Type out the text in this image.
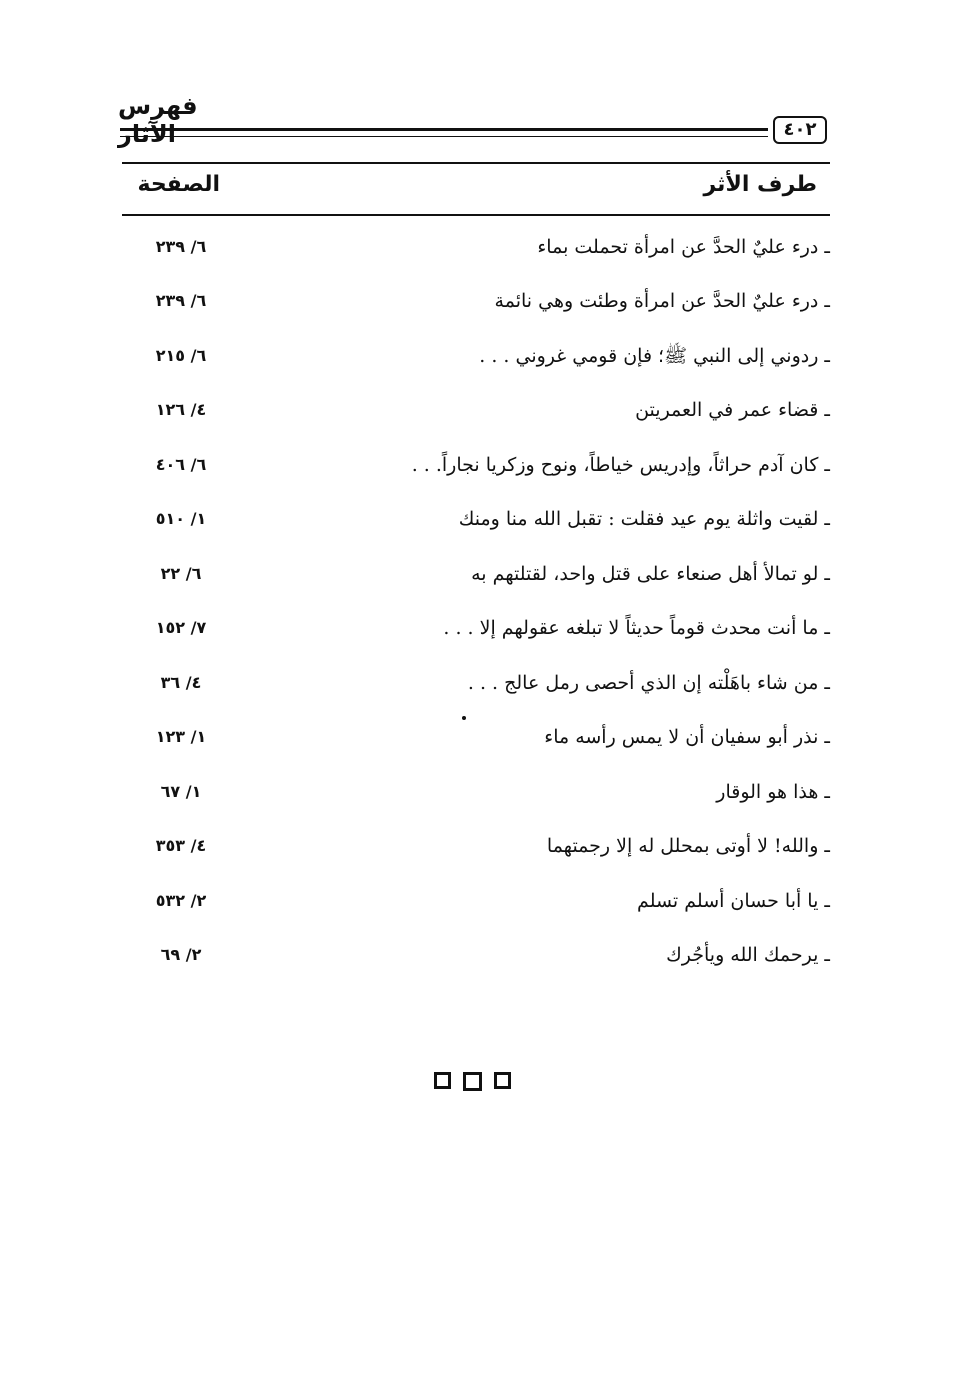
فهرس الآثار	٤٠٢
طرف الأثر
الصفحة
ـ درء عليٌ الحدَّ عن امرأة تحملت بماء
٦/ ٢٣٩
ـ درء عليٌ الحدَّ عن امرأة وطئت وهي نائمة
٦/ ٢٣٩
ـ ردوني إلى النبي ﷺ؛ فإن قومي غروني . . .
٦/ ٢١٥
ـ قضاء عمر في العمريتن
٤/ ١٢٦
ـ كان آدم حراثاً، وإدريس خياطاً، ونوح وزكريا نجاراً. . .
٦/ ٤٠٦
ـ لقيت واثلة يوم عيد فقلت : تقبل الله منا ومنك
١/ ٥١٠
ـ لو تمالأ أهل صنعاء على قتل واحد، لقتلتهم به
٦/ ٢٢
ـ ما أنت محدث قوماً حديثاً لا تبلغه عقولهم إلا . . .
٧/ ١٥٢
ـ من شاء باهَلْته إن الذي أحصى رمل عالج . . .
٤/ ٣٦
ـ نذر أبو سفيان أن لا يمس رأسه ماء
١/ ١٢٣
ـ هذا هو الوقار
١/ ٦٧
ـ والله! لا أوتى بمحلل له إلا رجمتهما
٤/ ٣٥٣
ـ يا أبا حسان أسلم تسلم
٢/ ٥٣٢
ـ يرحمك الله ويأجُرك
٢/ ٦٩
